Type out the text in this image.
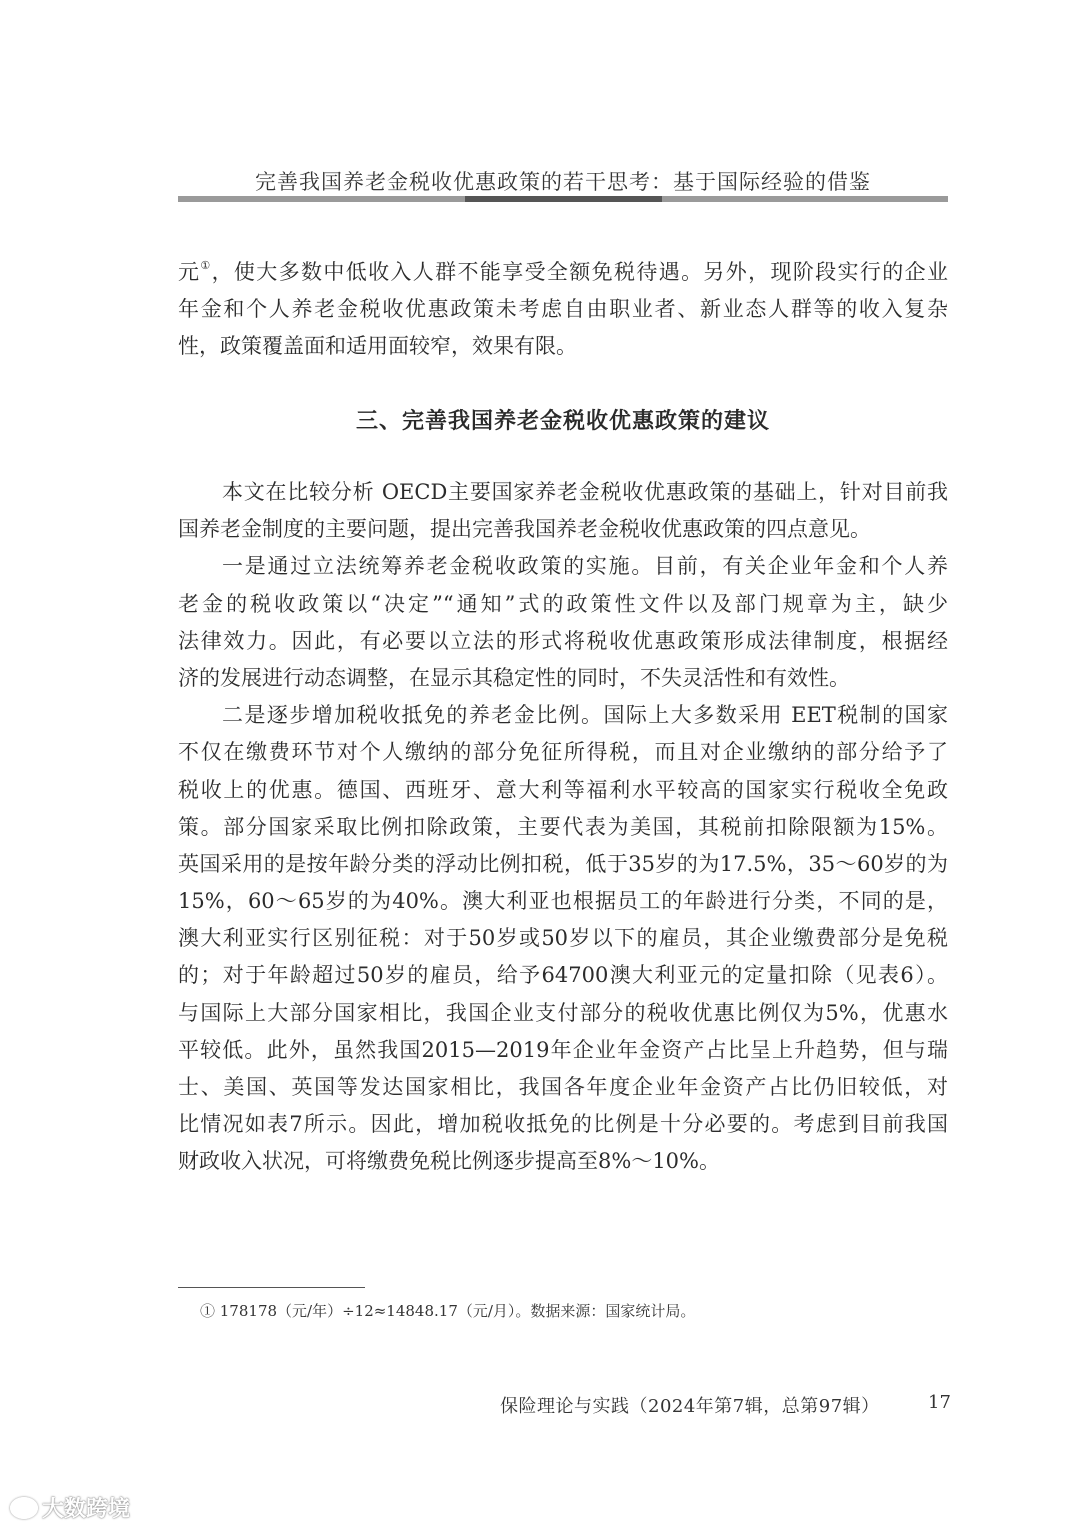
完善我国养老金税收优惠政策的若干思考：基于国际经验的借鉴
元①，使大多数中低收入人群不能享受全额免税待遇。另外，现阶段实行的企业
年金和个人养老金税收优惠政策未考虑自由职业者、新业态人群等的收入复杂
性，政策覆盖面和适用面较窄，效果有限。
三、完善我国养老金税收优惠政策的建议
本文在比较分析 OECD主要国家养老金税收优惠政策的基础上，针对目前我
国养老金制度的主要问题，提出完善我国养老金税收优惠政策的四点意见。
一是通过立法统筹养老金税收政策的实施。目前，有关企业年金和个人养
老金的税收政策以“决定”“通知”式的政策性文件以及部门规章为主，缺少
法律效力。因此，有必要以立法的形式将税收优惠政策形成法律制度，根据经
济的发展进行动态调整，在显示其稳定性的同时，不失灵活性和有效性。
二是逐步增加税收抵免的养老金比例。国际上大多数采用 EET税制的国家
不仅在缴费环节对个人缴纳的部分免征所得税，而且对企业缴纳的部分给予了
税收上的优惠。德国、西班牙、意大利等福利水平较高的国家实行税收全免政
策。部分国家采取比例扣除政策，主要代表为美国，其税前扣除限额为15%。
英国采用的是按年龄分类的浮动比例扣税，低于35岁的为17.5%，35～60岁的为
15%，60～65岁的为40%。澳大利亚也根据员工的年龄进行分类，不同的是，
澳大利亚实行区别征税：对于50岁或50岁以下的雇员，其企业缴费部分是免税
的；对于年龄超过50岁的雇员，给予64700澳大利亚元的定量扣除（见表6）。
与国际上大部分国家相比，我国企业支付部分的税收优惠比例仅为5%，优惠水
平较低。此外，虽然我国2015—2019年企业年金资产占比呈上升趋势，但与瑞
士、美国、英国等发达国家相比，我国各年度企业年金资产占比仍旧较低，对
比情况如表7所示。因此，增加税收抵免的比例是十分必要的。考虑到目前我国
财政收入状况，可将缴费免税比例逐步提高至8%～10%。
① 178178（元/年）÷12≈14848.17（元/月）。数据来源：国家统计局。
保险理论与实践（2024年第7辑，总第97辑）	17
大数跨境
